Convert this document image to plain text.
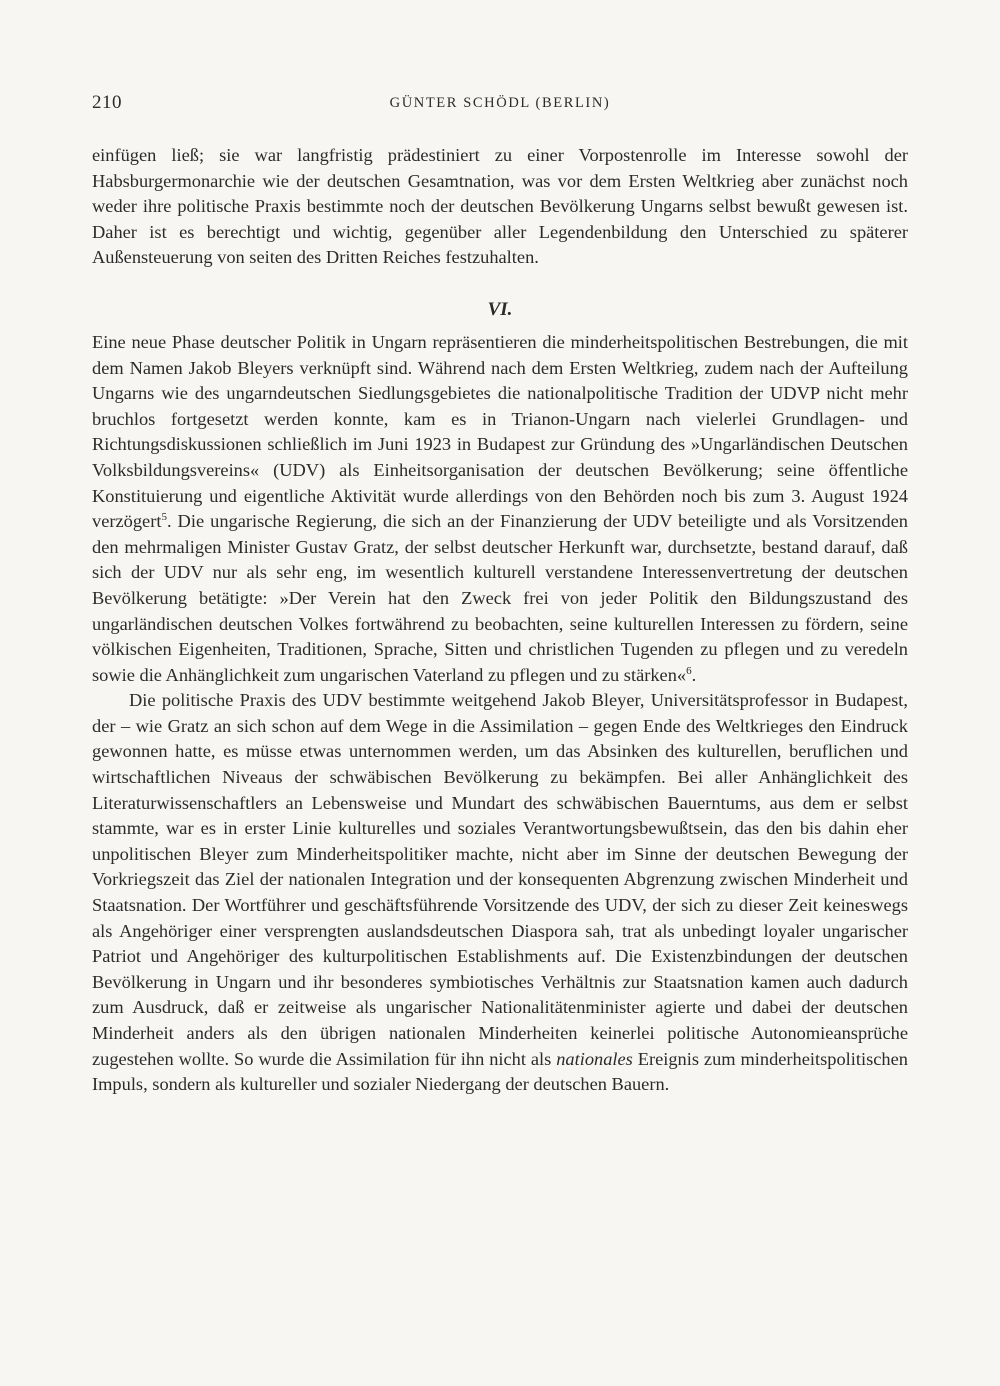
210	GÜNTER SCHÖDL (BERLIN)

einfügen ließ; sie war langfristig prädestiniert zu einer Vorpostenrolle im Interesse sowohl der Habsburgermonarchie wie der deutschen Gesamtnation, was vor dem Ersten Weltkrieg aber zunächst noch weder ihre politische Praxis bestimmte noch der deutschen Bevölkerung Ungarns selbst bewußt gewesen ist. Daher ist es berechtigt und wichtig, gegenüber aller Legendenbildung den Unterschied zu späterer Außensteuerung von seiten des Dritten Reiches festzuhalten.

VI.

Eine neue Phase deutscher Politik in Ungarn repräsentieren die minderheitspolitischen Bestrebungen, die mit dem Namen Jakob Bleyers verknüpft sind. Während nach dem Ersten Weltkrieg, zudem nach der Aufteilung Ungarns wie des ungarndeutschen Siedlungsgebietes die nationalpolitische Tradition der UDVP nicht mehr bruchlos fortgesetzt werden konnte, kam es in Trianon-Ungarn nach vielerlei Grundlagen- und Richtungsdiskussionen schließlich im Juni 1923 in Budapest zur Gründung des »Ungarländischen Deutschen Volksbildungsvereins« (UDV) als Einheitsorganisation der deutschen Bevölkerung; seine öffentliche Konstituierung und eigentliche Aktivität wurde allerdings von den Behörden noch bis zum 3. August 1924 verzögert$^5$. Die ungarische Regierung, die sich an der Finanzierung der UDV beteiligte und als Vorsitzenden den mehrmaligen Minister Gustav Gratz, der selbst deutscher Herkunft war, durchsetzte, bestand darauf, daß sich der UDV nur als sehr eng, im wesentlich kulturell verstandene Interessenvertretung der deutschen Bevölkerung betätigte: »Der Verein hat den Zweck frei von jeder Politik den Bildungszustand des ungarländischen deutschen Volkes fortwährend zu beobachten, seine kulturellen Interessen zu fördern, seine völkischen Eigenheiten, Traditionen, Sprache, Sitten und christlichen Tugenden zu pflegen und zu veredeln sowie die Anhänglichkeit zum ungarischen Vaterland zu pflegen und zu stärken«$^6$.

Die politische Praxis des UDV bestimmte weitgehend Jakob Bleyer, Universitätsprofessor in Budapest, der – wie Gratz an sich schon auf dem Wege in die Assimilation – gegen Ende des Weltkrieges den Eindruck gewonnen hatte, es müsse etwas unternommen werden, um das Absinken des kulturellen, beruflichen und wirtschaftlichen Niveaus der schwäbischen Bevölkerung zu bekämpfen. Bei aller Anhänglichkeit des Literaturwissenschaftlers an Lebensweise und Mundart des schwäbischen Bauerntums, aus dem er selbst stammte, war es in erster Linie kulturelles und soziales Verantwortungsbewußtsein, das den bis dahin eher unpolitischen Bleyer zum Minderheitspolitiker machte, nicht aber im Sinne der deutschen Bewegung der Vorkriegszeit das Ziel der nationalen Integration und der konsequenten Abgrenzung zwischen Minderheit und Staatsnation. Der Wortführer und geschäftsführende Vorsitzende des UDV, der sich zu dieser Zeit keineswegs als Angehöriger einer versprengten auslandsdeutschen Diaspora sah, trat als unbedingt loyaler ungarischer Patriot und Angehöriger des kulturpolitischen Establishments auf. Die Existenzbindungen der deutschen Bevölkerung in Ungarn und ihr besonderes symbiotisches Verhältnis zur Staatsnation kamen auch dadurch zum Ausdruck, daß er zeitweise als ungarischer Nationalitätenminister agierte und dabei der deutschen Minderheit anders als den übrigen nationalen Minderheiten keinerlei politische Autonomieansprüche zugestehen wollte. So wurde die Assimilation für ihn nicht als nationales Ereignis zum minderheitspolitischen Impuls, sondern als kultureller und sozialer Niedergang der deutschen Bauern.
